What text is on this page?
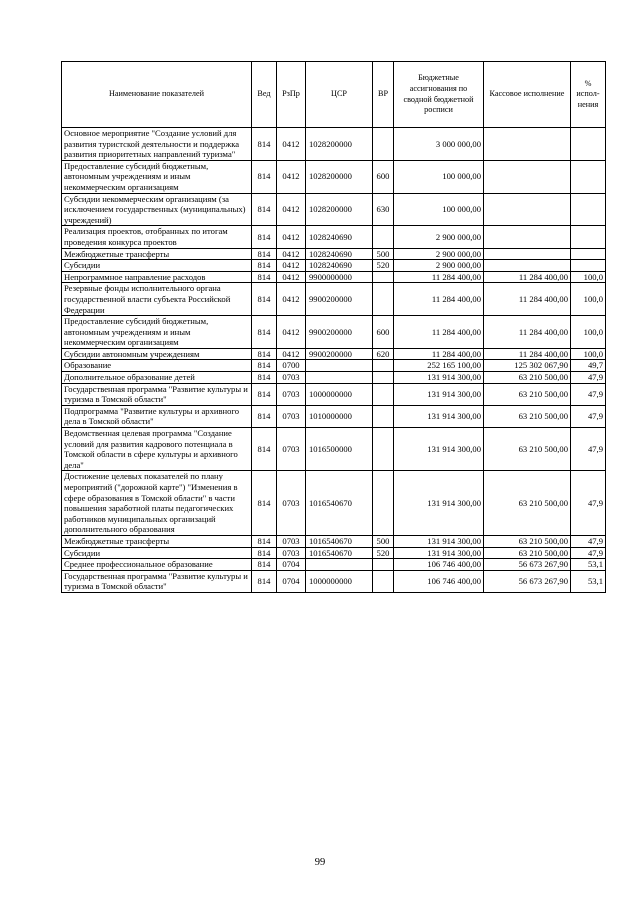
Наименование показателей	Вед	РзПр	ЦСР	ВР	Бюджетные ассигнования по сводной бюджетной росписи	Кассовое исполнение	% испол-нения
Основное мероприятие "Создание условий для развития туристской деятельности и поддержка развития приоритетных направлений туризма"	814	0412	1028200000		3 000 000,00		
Предоставление субсидий бюджетным, автономным учреждениям и иным некоммерческим организациям	814	0412	1028200000	600	100 000,00		
Субсидии некоммерческим организациям (за исключением государственных (муниципальных) учреждений)	814	0412	1028200000	630	100 000,00		
Реализация проектов, отобранных по итогам проведения конкурса проектов	814	0412	1028240690		2 900 000,00		
Межбюджетные трансферты	814	0412	1028240690	500	2 900 000,00		
Субсидии	814	0412	1028240690	520	2 900 000,00		
Непрограммное направление расходов	814	0412	9900000000		11 284 400,00	11 284 400,00	100,0
Резервные фонды исполнительного органа государственной власти субъекта Российской Федерации	814	0412	9900200000		11 284 400,00	11 284 400,00	100,0
Предоставление субсидий бюджетным, автономным учреждениям и иным некоммерческим организациям	814	0412	9900200000	600	11 284 400,00	11 284 400,00	100,0
Субсидии автономным учреждениям	814	0412	9900200000	620	11 284 400,00	11 284 400,00	100,0
Образование	814	0700			252 165 100,00	125 302 067,90	49,7
Дополнительное образование детей	814	0703			131 914 300,00	63 210 500,00	47,9
Государственная программа "Развитие культуры и туризма в Томской области"	814	0703	1000000000		131 914 300,00	63 210 500,00	47,9
Подпрограмма "Развитие культуры и архивного дела в Томской области"	814	0703	1010000000		131 914 300,00	63 210 500,00	47,9
Ведомственная целевая программа "Создание условий для развития кадрового потенциала в Томской области в сфере культуры и архивного дела"	814	0703	1016500000		131 914 300,00	63 210 500,00	47,9
Достижение целевых показателей по плану мероприятий ("дорожной карте") "Изменения в сфере образования в Томской области" в части повышения заработной платы педагогических работников муниципальных организаций дополнительного образования	814	0703	1016540670		131 914 300,00	63 210 500,00	47,9
Межбюджетные трансферты	814	0703	1016540670	500	131 914 300,00	63 210 500,00	47,9
Субсидии	814	0703	1016540670	520	131 914 300,00	63 210 500,00	47,9
Среднее профессиональное образование	814	0704			106 746 400,00	56 673 267,90	53,1
Государственная программа "Развитие культуры и туризма в Томской области"	814	0704	1000000000		106 746 400,00	56 673 267,90	53,1
99
